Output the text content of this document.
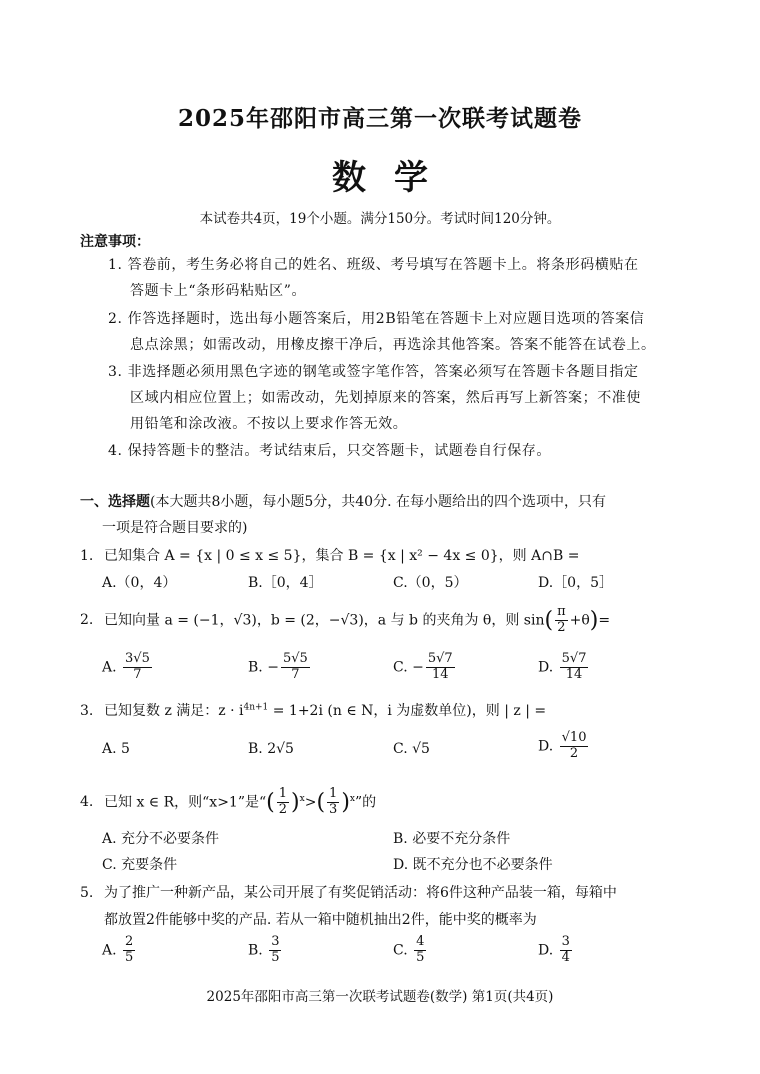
2025年邵阳市高三第一次联考试题卷
数学
本试卷共4页，19个小题。满分150分。考试时间120分钟。
注意事项：
1. 答卷前，考生务必将自己的姓名、班级、考号填写在答题卡上。将条形码横贴在
答题卡上“条形码粘贴区”。
2. 作答选择题时，选出每小题答案后，用2B铅笔在答题卡上对应题目选项的答案信
息点涂黑；如需改动，用橡皮擦干净后，再选涂其他答案。答案不能答在试卷上。
3. 非选择题必须用黑色字迹的钢笔或签字笔作答，答案必须写在答题卡各题目指定
区域内相应位置上；如需改动，先划掉原来的答案，然后再写上新答案；不准使
用铅笔和涂改液。不按以上要求作答无效。
4. 保持答题卡的整洁。考试结束后，只交答题卡，试题卷自行保存。
一、选择题(本大题共8小题，每小题5分，共40分. 在每小题给出的四个选项中，只有
一项是符合题目要求的)
1. 已知集合 A = {x | 0 ≤ x ≤ 5}，集合 B = {x | x² − 4x ≤ 0}，则 A∩B =
A.（0，4）	B.［0，4］	C.（0，5）	D.［0，5］
2. 已知向量 a = (−1，√3)，b = (2，−√3)，a 与 b 的夹角为 θ，则 $\sin( \frac{\pi}{2} +\theta)=$
A. $\frac{3√5}{7}$	B. − $\frac{5√5}{7}$	C. − $\frac{5√7}{14}$	D. $\frac{5√7}{14}$
3. 已知复数 z 满足：$z \cdot i^{4n+1} = 1+2i$ (n ∈ N，i 为虚数单位)，则 | z | =
A. 5	B. 2√5	C. √5	D. $\frac{√10}{2}$
4. 已知 x ∈ R，则“x>1”是“( $\frac{1}{2} )^x>( \frac{1}{3} )^x$”的
A. 充分不必要条件	B. 必要不充分条件
C. 充要条件	D. 既不充分也不必要条件
5. 为了推广一种新产品，某公司开展了有奖促销活动：将6件这种产品装一箱，每箱中
都放置2件能够中奖的产品. 若从一箱中随机抽出2件，能中奖的概率为
A. $\frac{2}{5}$	B. $\frac{3}{5}$	C. $\frac{4}{5}$	D. $\frac{3}{4}$
2025年邵阳市高三第一次联考试题卷(数学) 第1页(共4页)
